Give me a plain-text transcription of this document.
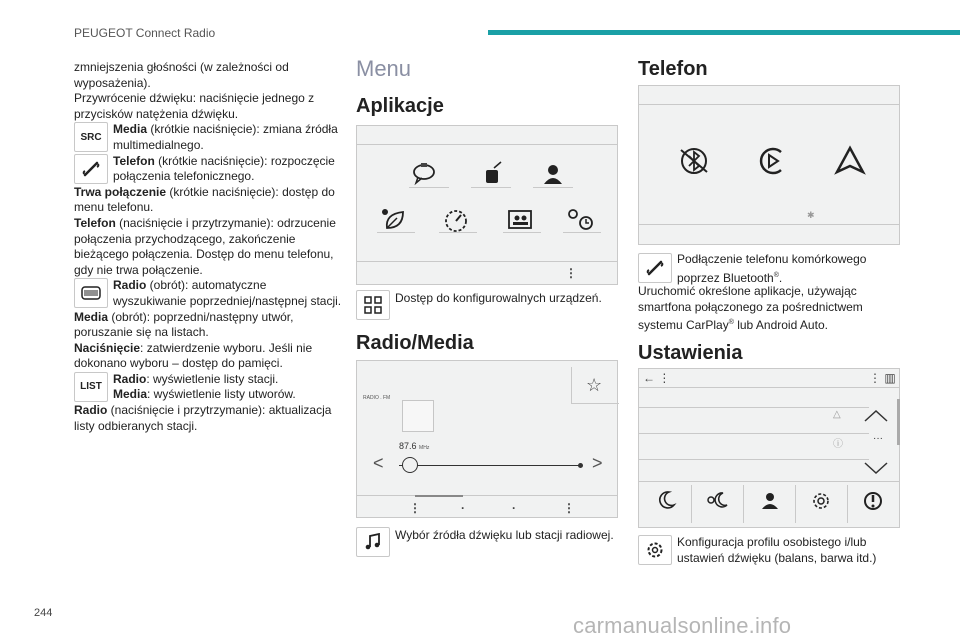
PEUGEOT Connect Radio

zmniejszenia głośności (w zależności od wyposażenia).

Przywrócenie dźwięku: naciśnięcie jednego z przycisków natężenia dźwięku.

SRC
Media (krótkie naciśnięcie): zmiana źródła multimedialnego.
Telefon (krótkie naciśnięcie): rozpoczęcie połączenia telefonicznego.

Trwa połączenie (krótkie naciśnięcie): dostęp do menu telefonu.

Telefon (naciśnięcie i przytrzymanie): odrzucenie połączenia przychodzącego, zakończenie bieżącego połączenia. Dostęp do menu telefonu, gdy nie trwa połączenie.

Radio (obrót): automatyczne wyszukiwanie poprzedniej/następnej stacji.

Media (obrót): poprzedni/następny utwór, poruszanie się na listach.

Naciśnięcie: zatwierdzenie wyboru. Jeśli nie dokonano wyboru – dostęp do pamięci.

LIST
Radio: wyświetlenie listy stacji.
Media: wyświetlenie listy utworów.

Radio (naciśnięcie i przytrzymanie): aktualizacja listy odbieranych stacji.

Menu
Aplikacje
⋮
Dostęp do konfigurowalnych urządzeń.
Radio/Media
RADIO . FM
☆
87.6 MHz
<	>
⋮	·	·	⋮
Wybór źródła dźwięku lub stacji radiowej.
Telefon
✱
Podłączenie telefonu komórkowego poprzez Bluetooth®.
Uruchomić określone aplikacje, używając smartfona połączonego za pośrednictwem systemu CarPlay® lub Android Auto.
Ustawienia
← ⋮	⋮ ▥
△
ⓘ
···
Konfiguracja profilu osobistego i/lub ustawień dźwięku (balans, barwa itd.)
244	carmanualsonline.info
